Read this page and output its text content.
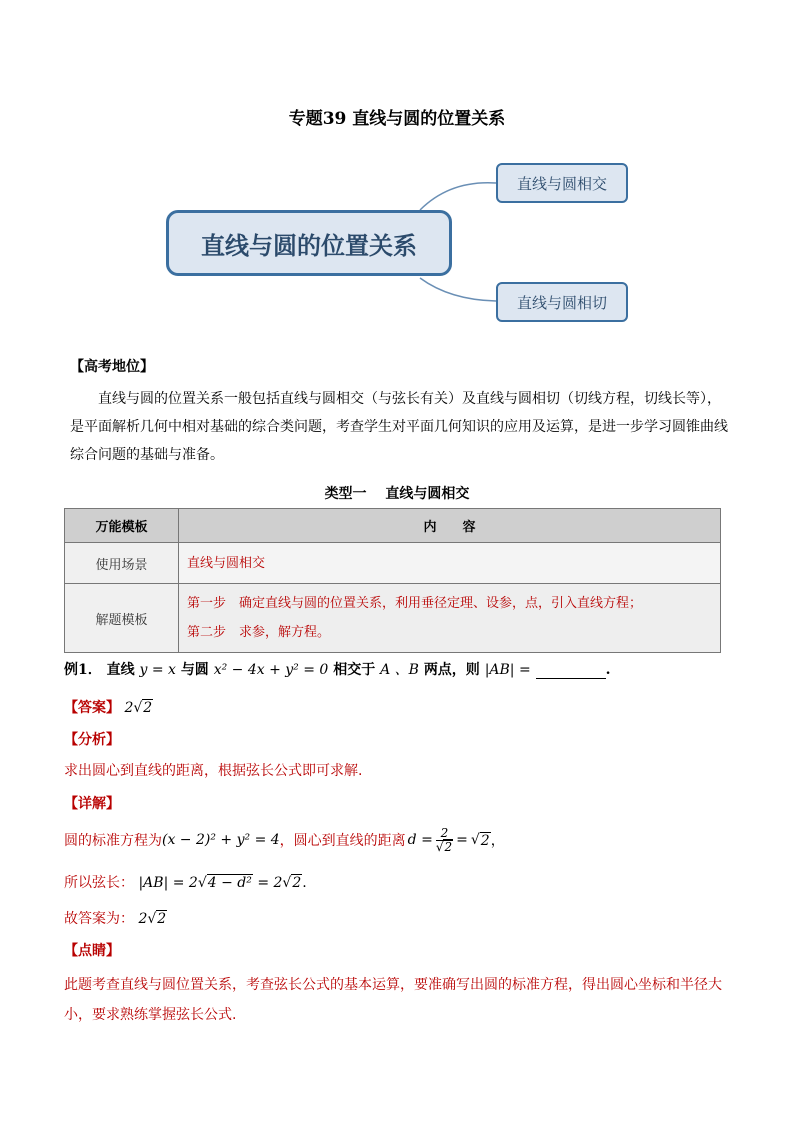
专题39 直线与圆的位置关系
直线与圆的位置关系
直线与圆相交
直线与圆相切
【高考地位】
直线与圆的位置关系一般包括直线与圆相交（与弦长有关）及直线与圆相切（切线方程，切线长等），是平面解析几何中相对基础的综合类问题，考查学生对平面几何知识的应用及运算，是进一步学习圆锥曲线综合问题的基础与准备。
类型一　 直线与圆相交
万能模板	内　　容
使用场景	直线与圆相交
解题模板	第一步　确定直线与圆的位置关系，利用垂径定理、设参，点，引入直线方程；
第二步　求参，解方程。
例1． 直线 y = x 与圆 x² − 4x + y² = 0 相交于 A 、B 两点，则 |AB| =	.
【答案】 2√2
【分析】
求出圆心到直线的距离，根据弦长公式即可求解.
【详解】
圆的标准方程为 (x − 2)² + y² = 4 ，圆心到直线的距离 $d = \frac{2}{√2}$ = √ 2 ，
所以弦长： |AB| = 2√4 − d² = 2√2.
故答案为： 2√2
【点睛】
此题考查直线与圆位置关系，考查弦长公式的基本运算，要准确写出圆的标准方程，得出圆心坐标和半径大小，要求熟练掌握弦长公式.
